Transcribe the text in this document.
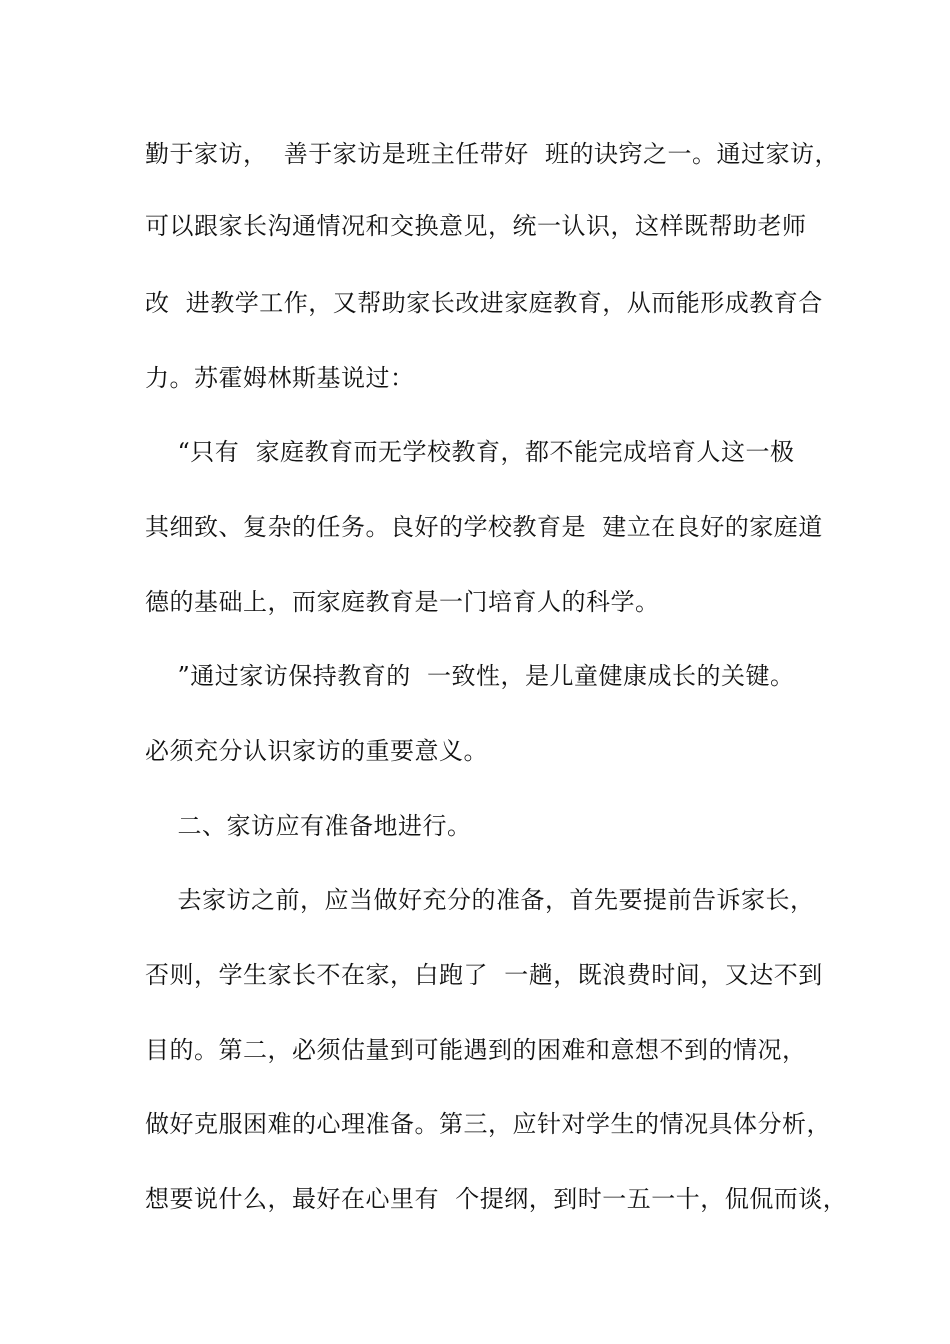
勤于家访，  善于家访是班主任带好  班的诀窍之一。通过家访，
可以跟家长沟通情况和交换意见，统一认识，这样既帮助老师
改  进教学工作，又帮助家长改进家庭教育，从而能形成教育合
力。苏霍姆林斯基说过：
“只有  家庭教育而无学校教育，都不能完成培育人这一极
其细致、复杂的任务。良好的学校教育是  建立在良好的家庭道
德的基础上，而家庭教育是一门培育人的科学。
”通过家访保持教育的  一致性，是儿童健康成长的关键。
必须充分认识家访的重要意义。
二、家访应有准备地进行。
去家访之前，应当做好充分的准备，首先要提前告诉家长，
否则，学生家长不在家，白跑了  一趟，既浪费时间，又达不到
目的。第二，必须估量到可能遇到的困难和意想不到的情况，
做好克服困难的心理准备。第三，应针对学生的情况具体分析，
想要说什么，最好在心里有  个提纲，到时一五一十，侃侃而谈，
